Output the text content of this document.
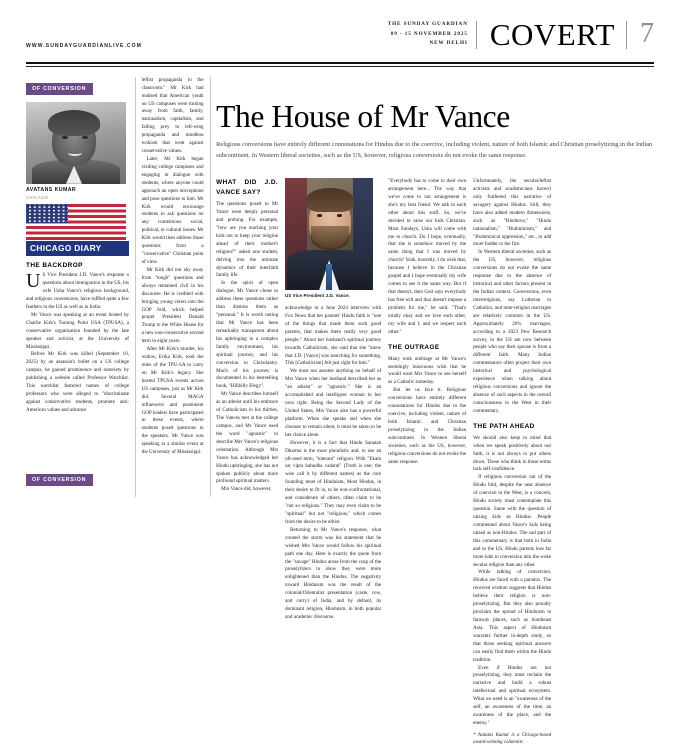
THE SUNDAY GUARDIAN
09 - 15 NOVEMBER 2025
NEW DELHI COVERT 7
WWW.SUNDAYGUARDIANLIVE.COM
OF CONVERSION
AVATANS KUMAR
CHICAGO
CHICAGO DIARY
THE BACKDROP

US Vice President J.D. Vance's response o questions about immigration in the US, his wife Usha Vance's religious background, and religious conversions, have ruffled quite a few feathers in the US as well as in India.

Mr Vance was speaking at an event hosted by Charlie Kirk's Turning Point USA (TPUSA), a conservative organization founded by the late speaker and activist, at the University of Mississippi.

Before Mr Kirk was killed (September 10, 2025) by an assassin's bullet on a US college campus, he gained prominence and notoriety by publishing a website called Professor Watchlist. This watchlist featured names of college professors who were alleged to "discriminate against conservative students, promote anti-American values and advance

leftist propaganda in the classroom." Mr Kirk had realised that American youth on US campuses were turning away from faith, family, nationalism, capitalism, and falling prey to left-wing propaganda and mindless wokism that went against conservative values.

Later, Mr Kirk began visiting college campuses and engaging in dialogue with students, where anyone could approach an open microphone and pose questions to him. Mr Kirk would encourage students to ask questions on any contentious social, political, or cultural issues. Mr Kirk would then address those questions from a "conservative" Christian point of view.

Mr Kirk did not shy away from "tough" questions and always remained civil in his discourse. He is credited with bringing young voters into the GOP fold, which helped propel President Donald Trump to the White House for a new non-consecutive second term in eight years.

After Mr Kirk's murder, his widow, Erika Kirk, took the reins of the TPU-SA to carry on Mr Kirk's legacy. She hosted TPUSA events across US campuses, just as Mr Kirk did. Several MAGA influencers and prominent GOP leaders have participated in these events, where students posed questions to the speakers. Mr Vance was speaking at a similar event at the University of Mississippi.

The House of Mr Vance
Religious conversions have entirely different connotations for Hindus due to the coercive, including violent, nature of both Islamic and Christian proselytizing in the Indian subcontinent. In Western liberal societies, such as the US, however, religious conversions do not evoke the same response.
WHAT DID J.D. VANCE SAY?

The questions posed to Mr Vance were deeply personal and probing. For example, "how are you teaching your kids not to keep your religion ahead of their mother's religion?" asked one student, delving into the intimate dynamics of their interfaith family life.

In the spirit of open dialogue, Mr Vance chose to address these questions rather than dismiss them as "personal." It is worth noting that Mr Vance has been remarkably transparent about his upbringing in a complex family environment, his spiritual journey, and his conversion to Christianity. Much of his journey is documented in his bestselling book, "Hillbilly Elegy".

Mr Vance describes himself as an atheist until his embrace of Catholicism in his thirties. The Vances met at the college campus, and Mr Vance used the word "agnostic" to describe Mrs Vance's religious orientation. Although Mrs Vance has acknowledged her Hindu upbringing, she has not spoken publicly about more profound spiritual matters.

Mrs Vance did, however,

US Vice President J.D. Vance.

acknowledge in a June 2024 interview with Fox News that her parents' Hindu faith is "one of the things that made them such good parents, that makes them really very good people." About her husband's spiritual journey towards Catholicism, she said that she "knew that J.D. [Vance] was searching for something. This [Catholicism] felt just right for him."

We must not assume anything on behalf of Mrs Vance when her husband described her as "an atheist" or "agnostic." She is an accomplished and intelligent woman in her own right. Being the Second Lady of the United States, Mrs Vance also has a powerful platform. When she speaks and when she chooses to remain silent, it must be taken to be her choice alone.

However, it is a fact that Hindu Sanatan Dharma is the most pluralistic and, to use an oft-used term, "tolerant" religion. With "Ekam sat vipra bahudha vadanti" (Truth is one; the wise call it by different names) as the core founding tenet of Hinduism, Most Hindus, in their desire to fit in, to be non-confrontational, and considerate of others, often claim to be "not so religious." They may even claim to be "spiritual" but not "religious," which comes from the desire to be elitist.

Returning to Mr Vance's response, what created the storm was his statement that he wished Mrs Vance would follow his spiritual path one day. Here is exactly the quote from the "savage" Hindus arose from the cusp of the proselytizers to show they were more enlightened than the Hindus. The negativity toward Hinduism was the result of the colonial/Orientalist presentation (caste, cow, and curry) of India, and by default, its dominant religion, Hinduism, in both popular and academic discourse.

"Everybody has to come to their own arrangement here... The way that we've come to our arrangement is she's my best friend. We talk to each other about this stuff. So, we've decided to raise our kids Christian. Most Sundays, Usha will come with me to church. Do I hope, eventually, that she is somehow moved by the same thing that I was moved by church? Yeah, honestly, I do wish that, because I believe in the Christian gospel and I hope eventually my wife comes to see it the same way. But if that doesn't, then God says everybody has free will and that doesn't impose a problem for me," he said. "That's totally okay and we love each other, my wife and I, and we respect each other."

THE OUTRAGE

Many took umbrage at Mr Vance's seemingly innocuous wish that he would want Mrs Vance to see herself as a Catholic someday.

But let us face it. Religious conversions have entirely different connotations for Hindus due to the coercive, including violent, nature of both Islamic and Christian proselytizing in the Indian subcontinent. In Western liberal societies, such as the US, however, religious conversions do not evoke the same response.

Unfortunately, the secular/leftist activists and academicians haven't only furthered this narrative of savagery against Hindus. Still, they have also added modern dimensions, such as "Hindutva," "Hindu nationalism," "Brahminism," and "Brahminical oppression," etc., to add more fodder to the fire.

In Western liberal societies, such as the US, however, religious conversions do not evoke the same response due to the absence of historical and other factors present in the Indian context. Conversions, even interreligious, say Lutheran to Catholics, and inter-religion marriages are relatively common in the US. Approximately 26% marriages, according to a 2023 Pew Research survey, in the US are now between people who say their spouse is from a different faith. Many Indian commentators often project their own historical and psychological experience when talking about religious conversions and ignore the absence of such aspects in the overall consciousness in the West in their commentary.

THE PATH AHEAD

We should also keep in mind that when we speak positively about our faith, it is not always to put others down. Those who think in those terms lack self-confidence.

If religious conversion out of the Hindu fold, despite the near absence of coercion in the West, is a concern, Hindu society must contemplate this question. Same with the question of raising kids as Hindus. People commented about Vance's kids being raised as non-Hindus. The sad part of this commentary is that both in India and in the US, Hindu parents lose far more kids to conversion into the woke secular religion than any other.

While talking of conversion, Hindus are faced with a paradox. The received wisdom suggests that Hindus believe their religion is non-proselytizing. But they also proudly proclaim the spread of Hinduism in faraway places, such as Southeast Asia. This aspect of Hinduism warrants further in-depth study, so that those seeking spiritual answers can easily find them within the Hindu tradition.

Even if Hindus are not proselytizing, they must reclaim the narrative and build a robust intellectual and spiritual ecosystem. What we need is an "awareness of the self, an awareness of the time, an awareness of the place, and the enemy."

* Avatans Kumar is a Chicago-based award-winning columnist.
OF CONVERSION
